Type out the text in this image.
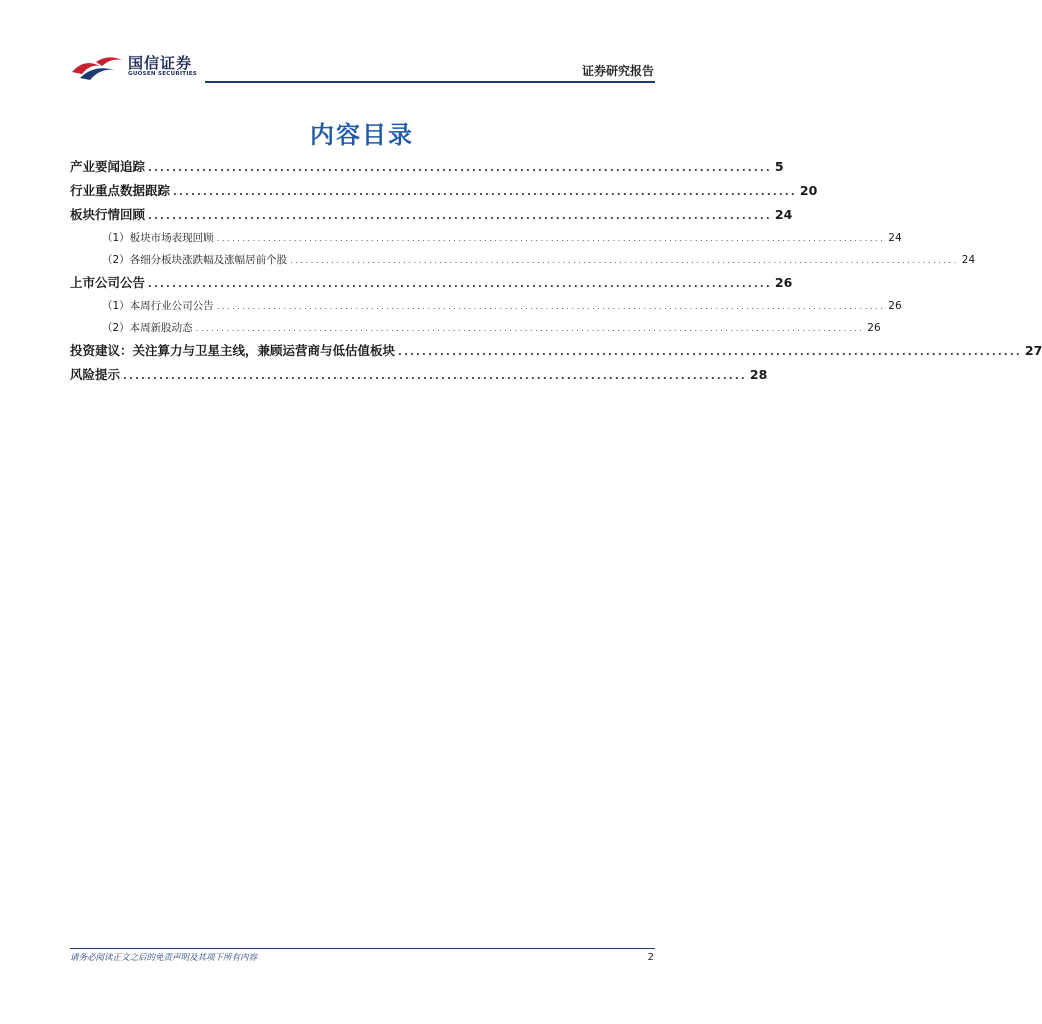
国信证券
GUOSEN SECURITIES	证券研究报告
内容目录
产业要闻追踪 ........................................................................................................ 5
行业重点数据跟踪 ........................................................................................................ 20
板块行情回顾 ........................................................................................................ 24
（1）板块市场表现回顾 .................................................................................................................................. 24
（2）各细分板块涨跌幅及涨幅居前个股 .................................................................................................................................. 24
上市公司公告 ........................................................................................................ 26
（1）本周行业公司公告 .................................................................................................................................. 26
（2）本周新股动态 .................................................................................................................................. 26
投资建议：关注算力与卫星主线，兼顾运营商与低估值板块 ........................................................................................................ 27
风险提示 ........................................................................................................ 28
请务必阅读正文之后的免责声明及其项下所有内容	2
